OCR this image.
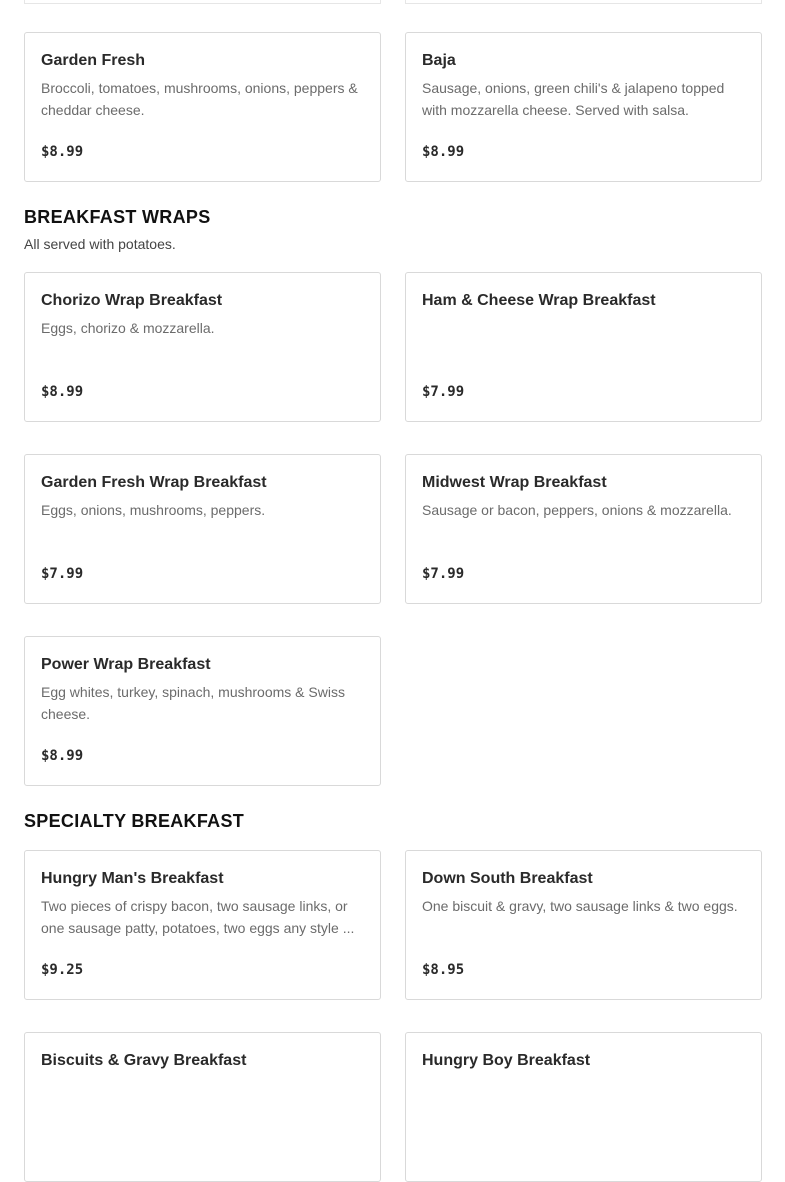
Garden Fresh
Broccoli, tomatoes, mushrooms, onions, peppers & cheddar cheese.
$8.99
Baja
Sausage, onions, green chili's & jalapeno topped with mozzarella cheese. Served with salsa.
$8.99
BREAKFAST WRAPS
All served with potatoes.
Chorizo Wrap Breakfast
Eggs, chorizo & mozzarella.
$8.99
Ham & Cheese Wrap Breakfast
$7.99
Garden Fresh Wrap Breakfast
Eggs, onions, mushrooms, peppers.
$7.99
Midwest Wrap Breakfast
Sausage or bacon, peppers, onions & mozzarella.
$7.99
Power Wrap Breakfast
Egg whites, turkey, spinach, mushrooms & Swiss cheese.
$8.99
SPECIALTY BREAKFAST
Hungry Man's Breakfast
Two pieces of crispy bacon, two sausage links, or one sausage patty, potatoes, two eggs any style ...
$9.25
Down South Breakfast
One biscuit & gravy, two sausage links & two eggs.
$8.95
Biscuits & Gravy Breakfast	Hungry Boy Breakfast
